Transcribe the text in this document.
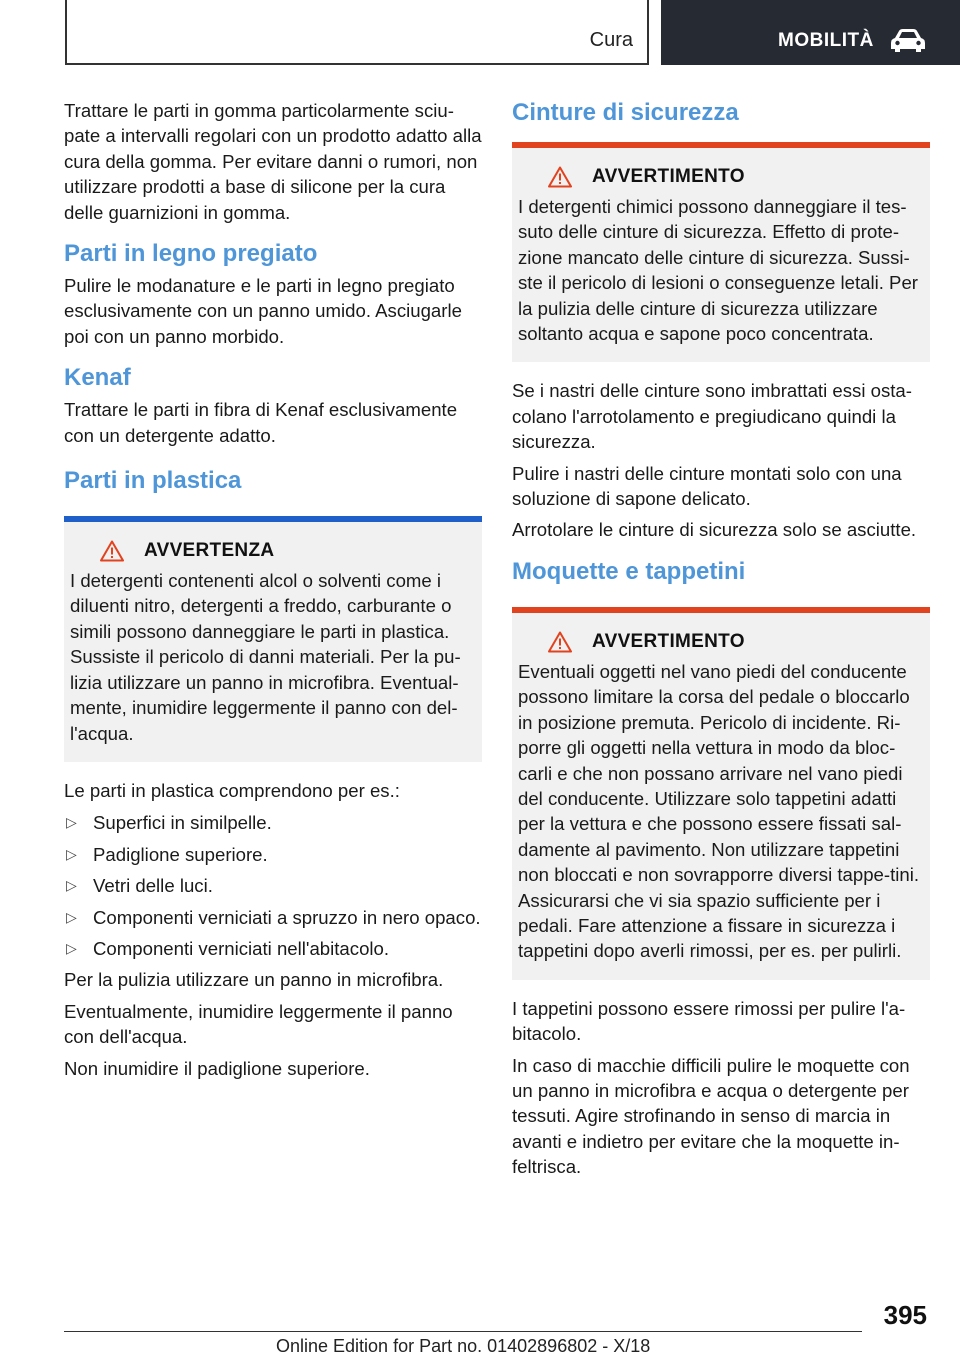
Cura	MOBILITÀ

Trattare le parti in gomma particolarmente sciu-pate a intervalli regolari con un prodotto adatto alla cura della gomma. Per evitare danni o rumori, non utilizzare prodotti a base di silicone per la cura delle guarnizioni in gomma.

Parti in legno pregiato

Pulire le modanature e le parti in legno pregiato esclusivamente con un panno umido. Asciugarle poi con un panno morbido.

Kenaf

Trattare le parti in fibra di Kenaf esclusivamente con un detergente adatto.

Parti in plastica
AVVERTENZA
I detergenti contenenti alcol o solventi come i diluenti nitro, detergenti a freddo, carburante o simili possono danneggiare le parti in plastica. Sussiste il pericolo di danni materiali. Per la pu-lizia utilizzare un panno in microfibra. Eventual-mente, inumidire leggermente il panno con del-l'acqua.

Le parti in plastica comprendono per es.:

▷ Superfici in similpelle.
▷ Padiglione superiore.
▷ Vetri delle luci.
▷ Componenti verniciati a spruzzo in nero opaco.
▷ Componenti verniciati nell'abitacolo.

Per la pulizia utilizzare un panno in microfibra.

Eventualmente, inumidire leggermente il panno con dell'acqua.

Non inumidire il padiglione superiore.

Cinture di sicurezza
AVVERTIMENTO
I detergenti chimici possono danneggiare il tes-suto delle cinture di sicurezza. Effetto di prote-zione mancato delle cinture di sicurezza. Sussi-ste il pericolo di lesioni o conseguenze letali. Per la pulizia delle cinture di sicurezza utilizzare soltanto acqua e sapone poco concentrata.

Se i nastri delle cinture sono imbrattati essi osta-colano l'arrotolamento e pregiudicano quindi la sicurezza.

Pulire i nastri delle cinture montati solo con una soluzione di sapone delicato.

Arrotolare le cinture di sicurezza solo se asciutte.

Moquette e tappetini
AVVERTIMENTO
Eventuali oggetti nel vano piedi del conducente possono limitare la corsa del pedale o bloccarlo in posizione premuta. Pericolo di incidente. Ri-porre gli oggetti nella vettura in modo da bloc-carli e che non possano arrivare nel vano piedi del conducente. Utilizzare solo tappetini adatti per la vettura e che possono essere fissati sal-damente al pavimento. Non utilizzare tappetini non bloccati e non sovrapporre diversi tappe-tini. Assicurarsi che vi sia spazio sufficiente per i pedali. Fare attenzione a fissare in sicurezza i tappetini dopo averli rimossi, per es. per pulirli.

I tappetini possono essere rimossi per pulire l'a-bitacolo.

In caso di macchie difficili pulire le moquette con un panno in microfibra e acqua o detergente per tessuti. Agire strofinando in senso di marcia in avanti e indietro per evitare che la moquette in-feltrisca.

395
Online Edition for Part no. 01402896802 - X/18
